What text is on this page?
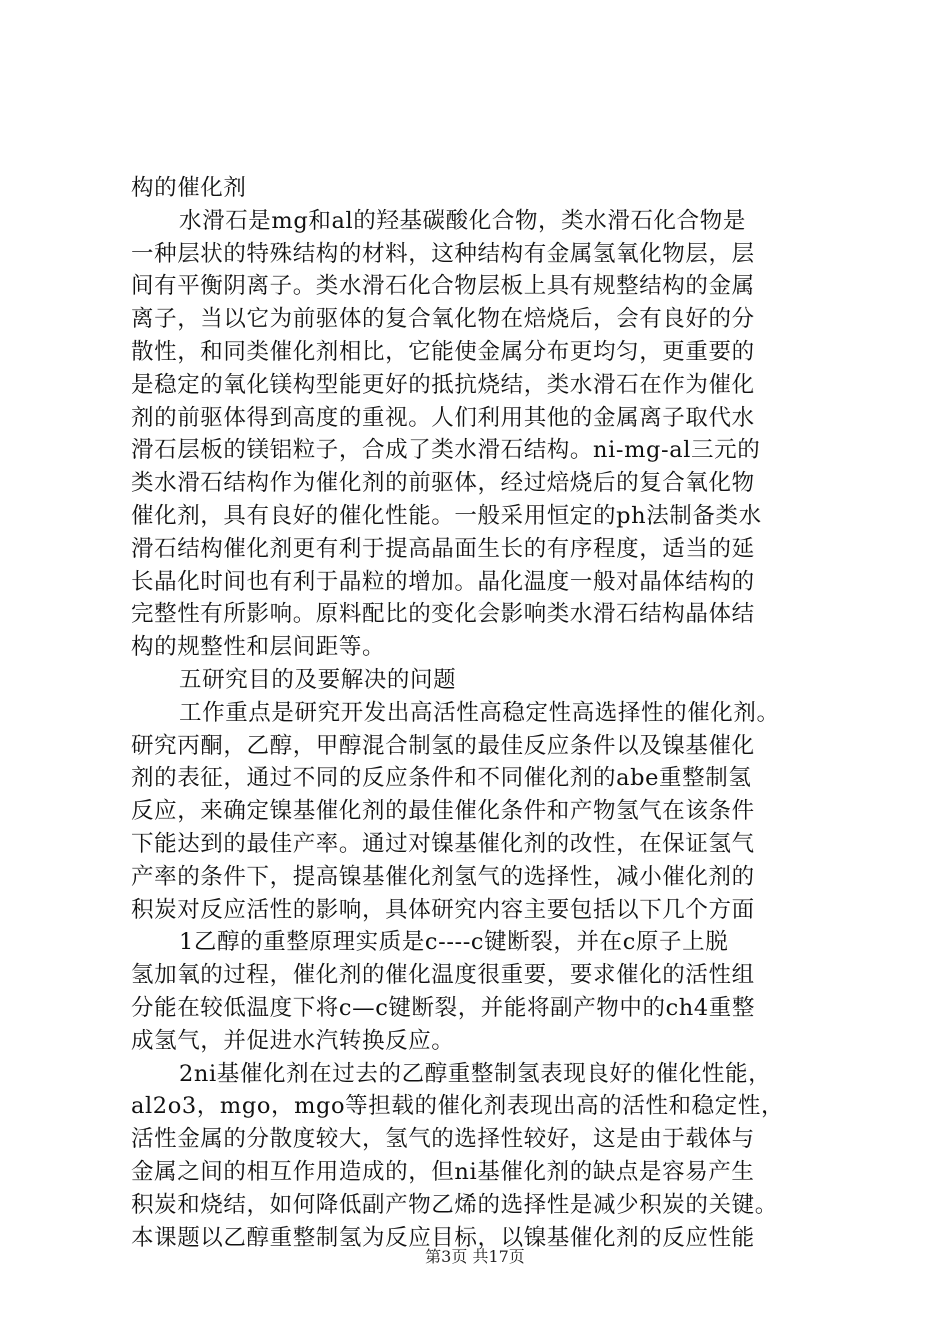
构的催化剂
水滑石是mg和al的羟基碳酸化合物，类水滑石化合物是
一种层状的特殊结构的材料，这种结构有金属氢氧化物层，层
间有平衡阴离子。类水滑石化合物层板上具有规整结构的金属
离子，当以它为前驱体的复合氧化物在焙烧后，会有良好的分
散性，和同类催化剂相比，它能使金属分布更均匀，更重要的
是稳定的氧化镁构型能更好的抵抗烧结，类水滑石在作为催化
剂的前驱体得到高度的重视。人们利用其他的金属离子取代水
滑石层板的镁铝粒子，合成了类水滑石结构。ni-mg-al三元的
类水滑石结构作为催化剂的前驱体，经过焙烧后的复合氧化物
催化剂，具有良好的催化性能。一般采用恒定的ph法制备类水
滑石结构催化剂更有利于提高晶面生长的有序程度，适当的延
长晶化时间也有利于晶粒的增加。晶化温度一般对晶体结构的
完整性有所影响。原料配比的变化会影响类水滑石结构晶体结
构的规整性和层间距等。
五研究目的及要解决的问题
工作重点是研究开发出高活性高稳定性高选择性的催化剂。
研究丙酮，乙醇，甲醇混合制氢的最佳反应条件以及镍基催化
剂的表征，通过不同的反应条件和不同催化剂的abe重整制氢
反应，来确定镍基催化剂的最佳催化条件和产物氢气在该条件
下能达到的最佳产率。通过对镍基催化剂的改性，在保证氢气
产率的条件下，提高镍基催化剂氢气的选择性，减小催化剂的
积炭对反应活性的影响，具体研究内容主要包括以下几个方面
1乙醇的重整原理实质是c----c键断裂，并在c原子上脱
氢加氧的过程，催化剂的催化温度很重要，要求催化的活性组
分能在较低温度下将c—c键断裂，并能将副产物中的ch4重整
成氢气，并促进水汽转换反应。
2ni基催化剂在过去的乙醇重整制氢表现良好的催化性能，
al2o3，mgo，mgo等担载的催化剂表现出高的活性和稳定性，
活性金属的分散度较大，氢气的选择性较好，这是由于载体与
金属之间的相互作用造成的，但ni基催化剂的缺点是容易产生
积炭和烧结，如何降低副产物乙烯的选择性是减少积炭的关键。
本课题以乙醇重整制氢为反应目标，以镍基催化剂的反应性能
第3页 共17页
